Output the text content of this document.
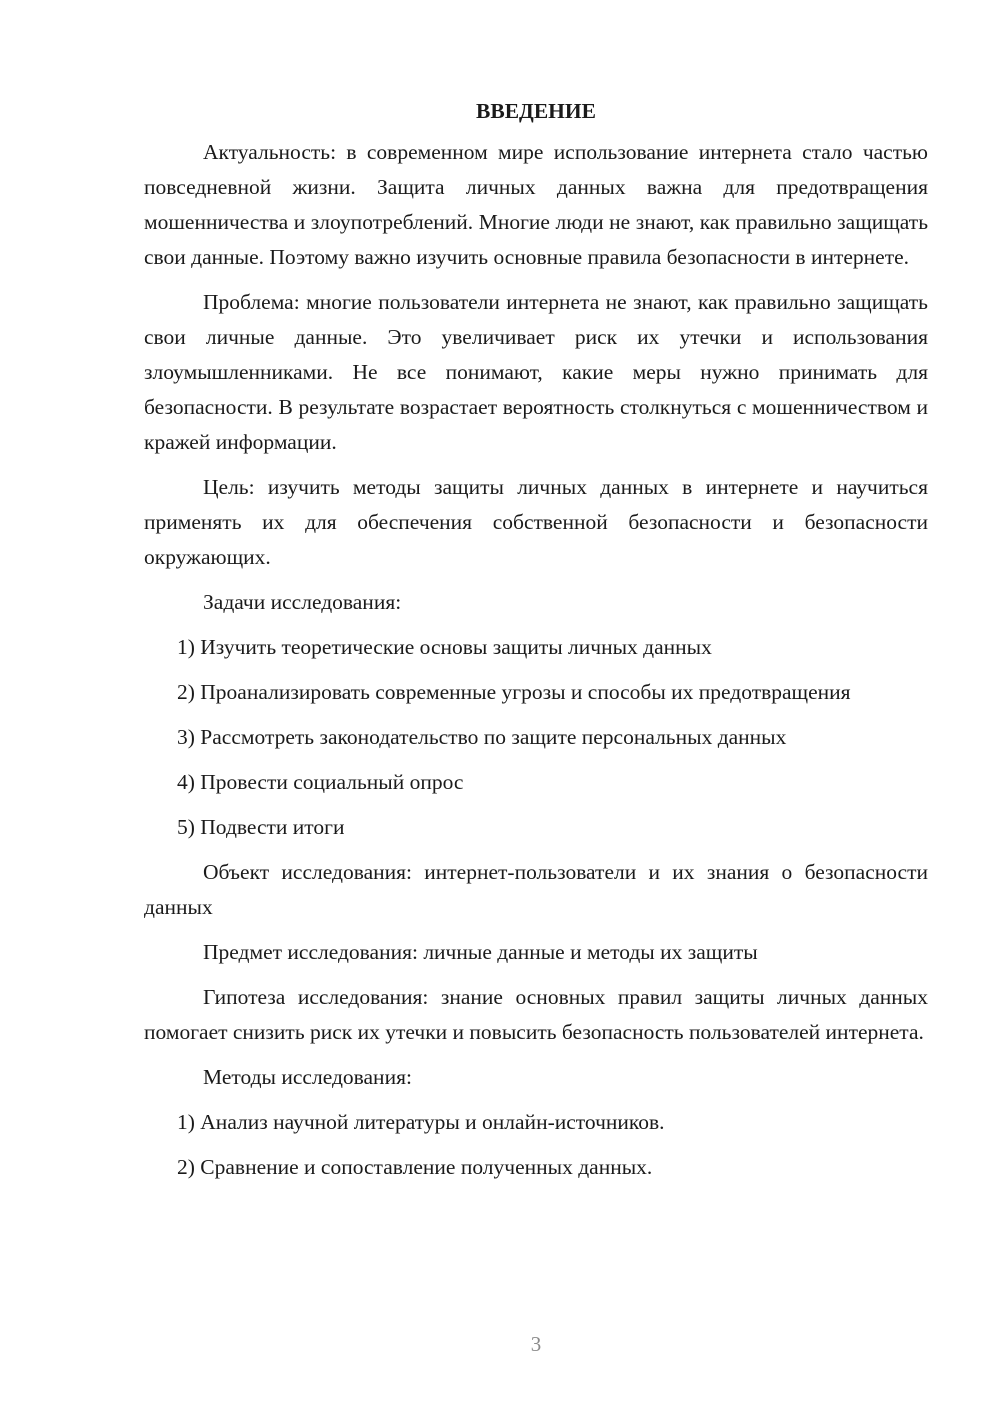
ВВЕДЕНИЕ

Актуальность: в современном мире использование интернета стало частью повседневной жизни. Защита личных данных важна для предотвращения мошенничества и злоупотреблений. Многие люди не знают, как правильно защищать свои данные. Поэтому важно изучить основные правила безопасности в интернете.

Проблема: многие пользователи интернета не знают, как правильно защищать свои личные данные. Это увеличивает риск их утечки и использования злоумышленниками. Не все понимают, какие меры нужно принимать для безопасности. В результате возрастает вероятность столкнуться с мошенничеством и кражей информации.

Цель: изучить методы защиты личных данных в интернете и научиться применять их для обеспечения собственной безопасности и безопасности окружающих.

Задачи исследования:

1) Изучить теоретические основы защиты личных данных

2) Проанализировать современные угрозы и способы их предотвращения

3) Рассмотреть законодательство по защите персональных данных

4) Провести социальный опрос

5) Подвести итоги

Объект исследования: интернет-пользователи и их знания о безопасности данных

Предмет исследования: личные данные и методы их защиты

Гипотеза исследования: знание основных правил защиты личных данных помогает снизить риск их утечки и повысить безопасность пользователей интернета.

Методы исследования:

1) Анализ научной литературы и онлайн-источников.

2) Сравнение и сопоставление полученных данных.

3
